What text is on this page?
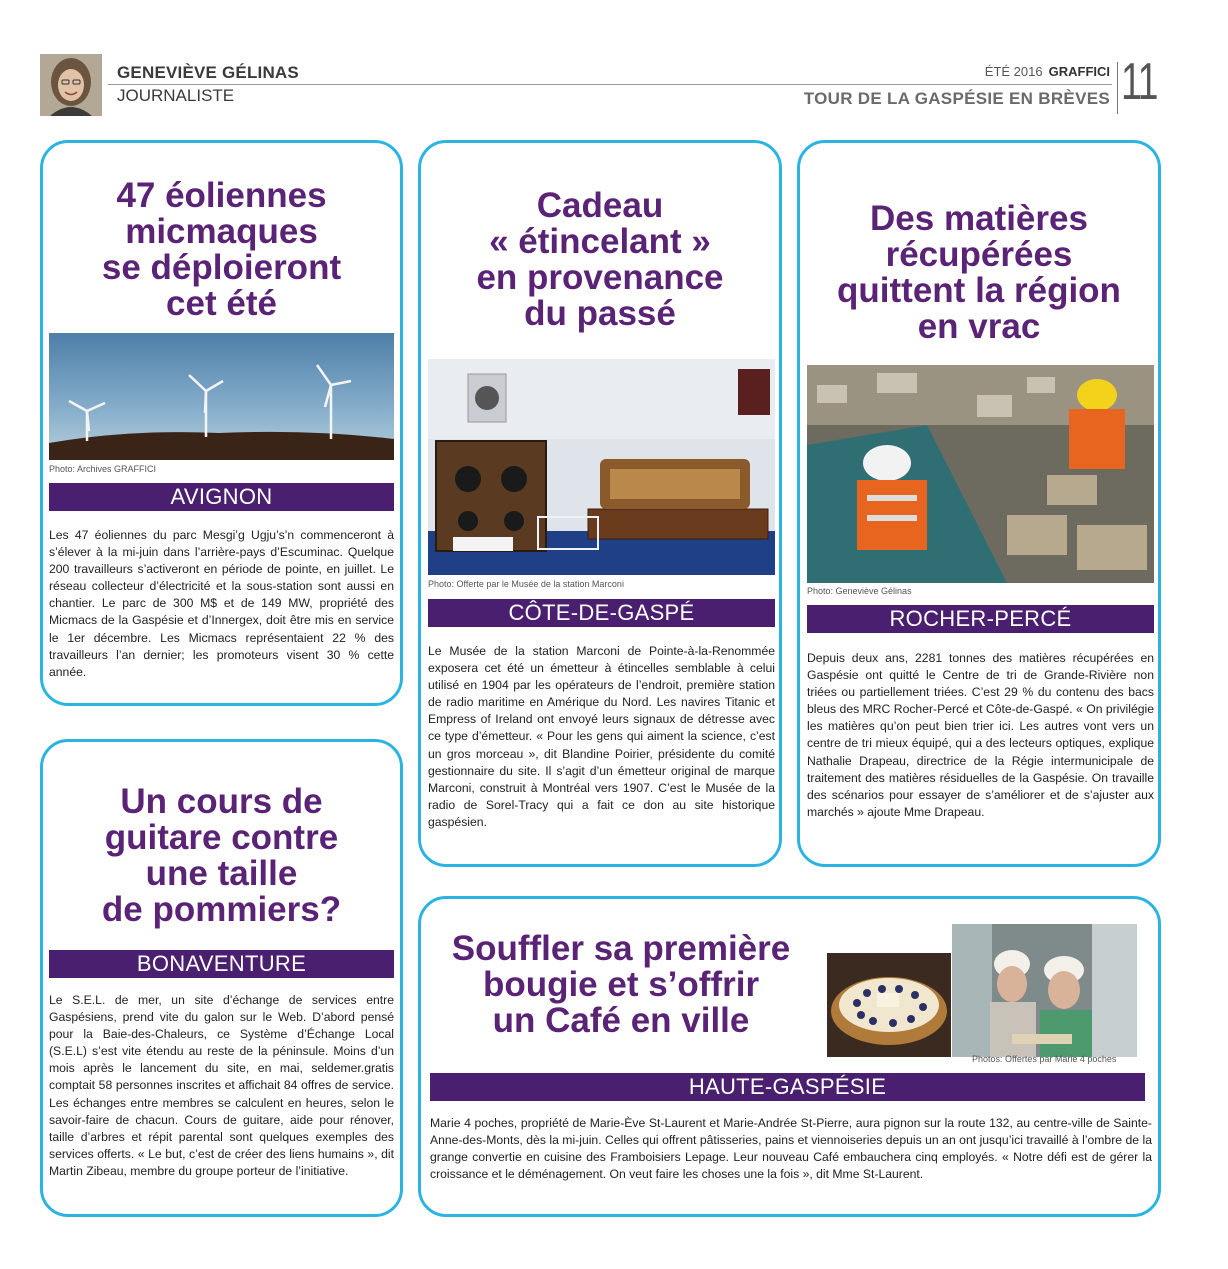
GENEVIÈVE GÉLINAS
JOURNALISTE
ÉTÉ 2016 GRAFFICI
TOUR DE LA GASPÉSIE EN BRÈVES 11
47 éoliennes
micmaques
se déploieront
cet été
Photo: Archives GRAFFICI
AVIGNON

Les 47 éoliennes du parc Mesgi’g Ugju’s’n commenceront à s’élever à la mi-juin dans l’arrière-pays d’Escuminac. Quelque 200 travailleurs s’activeront en période de pointe, en juillet. Le réseau collecteur d’électricité et la sous-station sont aussi en chantier. Le parc de 300 M$ et de 149 MW, propriété des Micmacs de la Gaspésie et d’Innergex, doit être mis en service le 1er décembre. Les Micmacs représentaient 22 % des travailleurs l’an dernier; les promoteurs visent 30 % cette année.

Cadeau
« étincelant »
en provenance
du passé
Photo: Offerte par le Musée de la station Marconi
CÔTE-DE-GASPÉ

Le Musée de la station Marconi de Pointe-à-la-Renommée exposera cet été un émetteur à étincelles semblable à celui utilisé en 1904 par les opérateurs de l’endroit, première station de radio maritime en Amérique du Nord. Les navires Titanic et Empress of Ireland ont envoyé leurs signaux de détresse avec ce type d’émetteur. « Pour les gens qui aiment la science, c’est un gros morceau », dit Blandine Poirier, présidente du comité gestionnaire du site. Il s’agit d’un émetteur original de marque Marconi, construit à Montréal vers 1907. C’est le Musée de la radio de Sorel-Tracy qui a fait ce don au site historique gaspésien.

Des matières
récupérées
quittent la région
en vrac
Photo: Geneviève Gélinas
ROCHER-PERCÉ

Depuis deux ans, 2281 tonnes des matières récupérées en Gaspésie ont quitté le Centre de tri de Grande-Rivière non triées ou partiellement triées. C’est 29 % du contenu des bacs bleus des MRC Rocher-Percé et Côte-de-Gaspé. « On privilégie les matières qu’on peut bien trier ici. Les autres vont vers un centre de tri mieux équipé, qui a des lecteurs optiques, explique Nathalie Drapeau, directrice de la Régie intermunicipale de traitement des matières résiduelles de la Gaspésie. On travaille des scénarios pour essayer de s’améliorer et de s’ajuster aux marchés » ajoute Mme Drapeau.

Un cours de
guitare contre
une taille
de pommiers?
BONAVENTURE

Le S.E.L. de mer, un site d’échange de services entre Gaspésiens, prend vite du galon sur le Web. D’abord pensé pour la Baie-des-Chaleurs, ce Système d’Échange Local (S.E.L) s’est vite étendu au reste de la péninsule. Moins d’un mois après le lancement du site, en mai, seldemer.gratis comptait 58 personnes inscrites et affichait 84 offres de service. Les échanges entre membres se calculent en heures, selon le savoir-faire de chacun. Cours de guitare, aide pour rénover, taille d’arbres et répit parental sont quelques exemples des services offerts. « Le but, c’est de créer des liens humains », dit Martin Zibeau, membre du groupe porteur de l’initiative.

Souffler sa première
bougie et s’offrir
un Café en ville
Photos: Offertes par Marie 4 poches
HAUTE-GASPÉSIE

Marie 4 poches, propriété de Marie-Ève St-Laurent et Marie-Andrée St-Pierre, aura pignon sur la route 132, au centre-ville de Sainte-Anne-des-Monts, dès la mi-juin. Celles qui offrent pâtisseries, pains et viennoiseries depuis un an ont jusqu’ici travaillé à l’ombre de la grange convertie en cuisine des Framboisiers Lepage. Leur nouveau Café embauchera cinq employés. « Notre défi est de gérer la croissance et le déménagement. On veut faire les choses une la fois », dit Mme St-Laurent.
